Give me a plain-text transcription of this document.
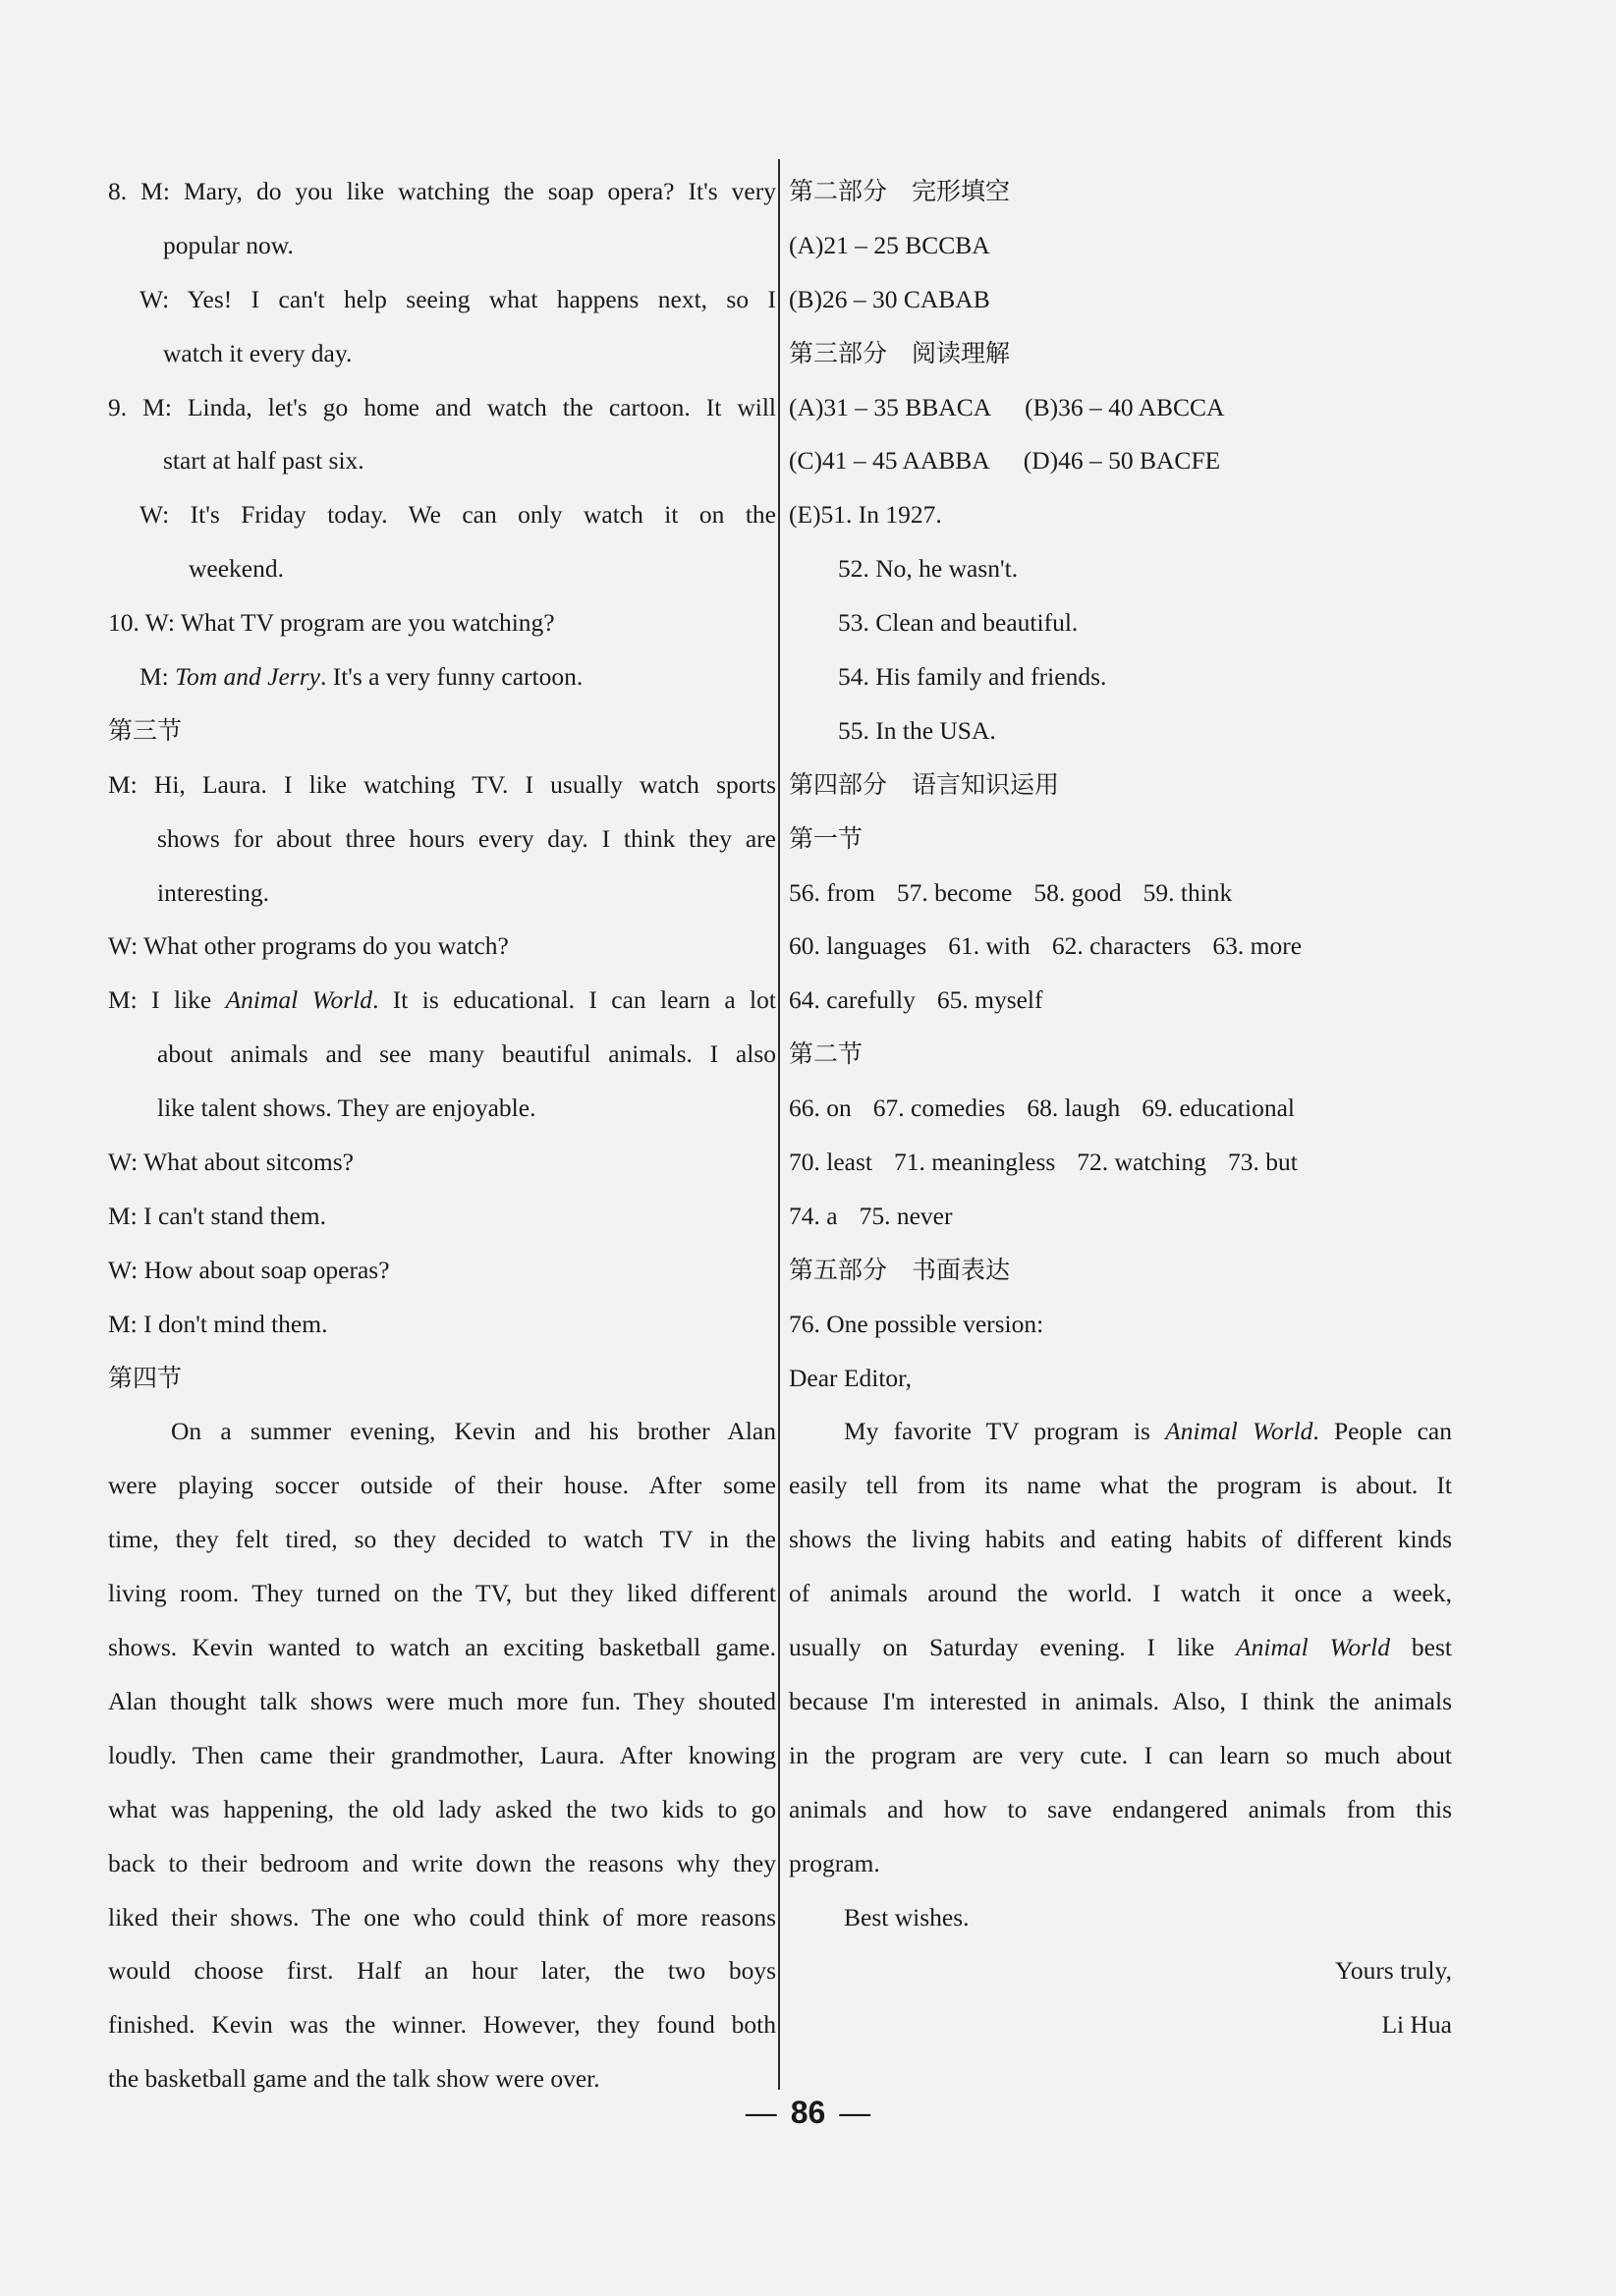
8. M: Mary, do you like watching the soap opera? It's very
popular now.
W: Yes! I can't help seeing what happens next, so I
watch it every day.
9. M: Linda, let's go home and watch the cartoon. It will
start at half past six.
W: It's Friday today. We can only watch it on the
weekend.
10. W: What TV program are you watching?
M: Tom and Jerry. It's a very funny cartoon.
第三节
M: Hi, Laura. I like watching TV. I usually watch sports
shows for about three hours every day. I think they are
interesting.
W: What other programs do you watch?
M: I like Animal World. It is educational. I can learn a lot
about animals and see many beautiful animals. I also
like talent shows. They are enjoyable.
W: What about sitcoms?
M: I can't stand them.
W: How about soap operas?
M: I don't mind them.
第四节
On a summer evening, Kevin and his brother Alan
were playing soccer outside of their house. After some
time, they felt tired, so they decided to watch TV in the
living room. They turned on the TV, but they liked different
shows. Kevin wanted to watch an exciting basketball game.
Alan thought talk shows were much more fun. They shouted
loudly. Then came their grandmother, Laura. After knowing
what was happening, the old lady asked the two kids to go
back to their bedroom and write down the reasons why they
liked their shows. The one who could think of more reasons
would choose first. Half an hour later, the two boys
finished. Kevin was the winner. However, they found both
the basketball game and the talk show were over.
第二部分　完形填空
(A)21 – 25 BCCBA
(B)26 – 30 CABAB
第三部分　阅读理解
(A)31 – 35 BBACA (B)36 – 40 ABCCA
(C)41 – 45 AABBA (D)46 – 50 BACFE
(E)51. In 1927.
52. No, he wasn't.
53. Clean and beautiful.
54. His family and friends.
55. In the USA.
第四部分　语言知识运用
第一节
56. from 57. become 58. good 59. think
60. languages 61. with 62. characters 63. more
64. carefully 65. myself
第二节
66. on 67. comedies 68. laugh 69. educational
70. least 71. meaningless 72. watching 73. but
74. a 75. never
第五部分　书面表达
76. One possible version:
Dear Editor,
My favorite TV program is Animal World. People can
easily tell from its name what the program is about. It
shows the living habits and eating habits of different kinds
of animals around the world. I watch it once a week,
usually on Saturday evening. I like Animal World best
because I'm interested in animals. Also, I think the animals
in the program are very cute. I can learn so much about
animals and how to save endangered animals from this
program.
Best wishes.
Yours truly,
Li Hua
— 86 —
